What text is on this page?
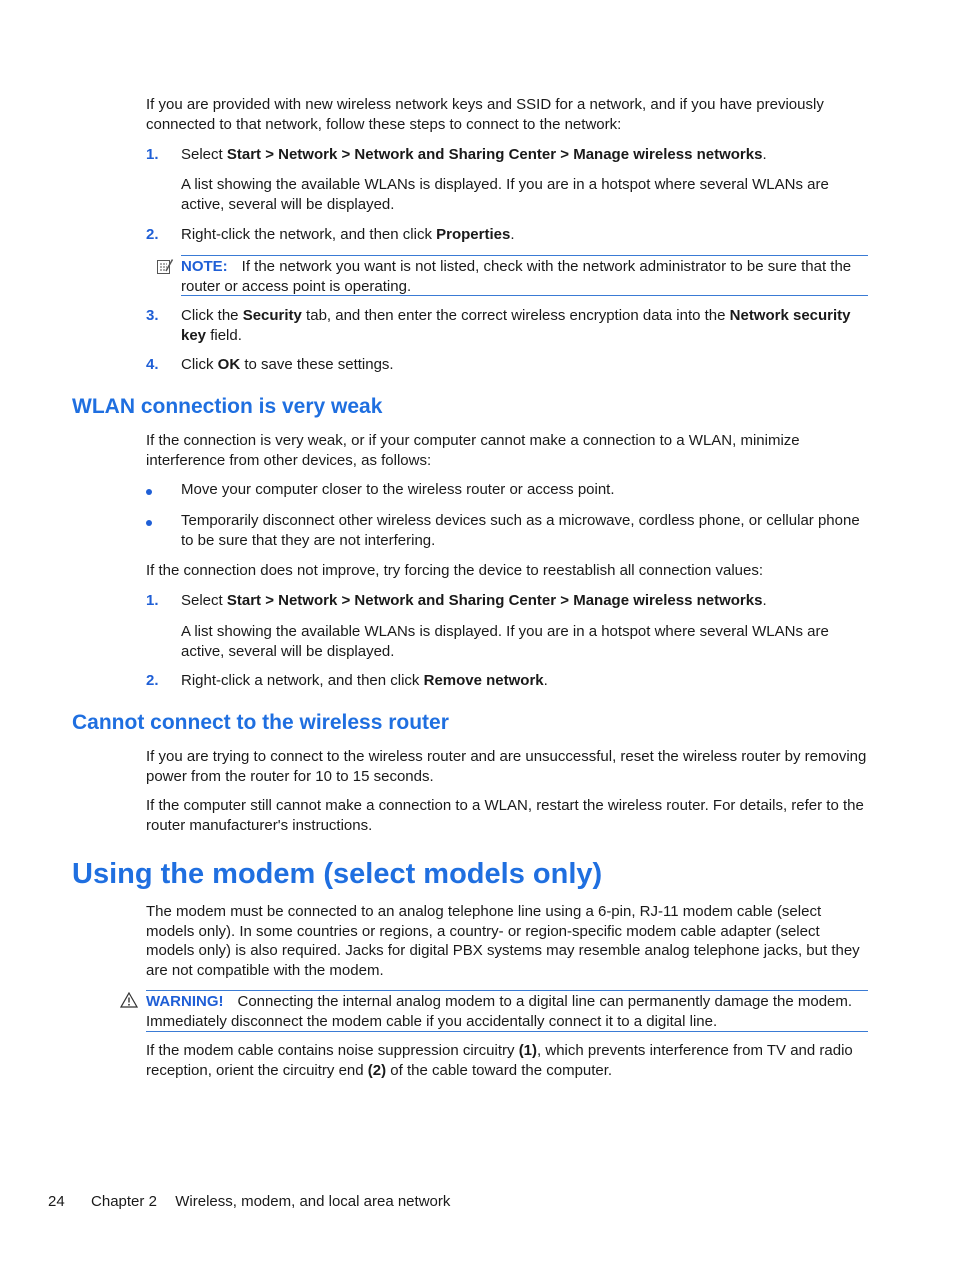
If you are provided with new wireless network keys and SSID for a network, and if you have previously connected to that network, follow these steps to connect to the network:

1. Select Start > Network > Network and Sharing Center > Manage wireless networks.

A list showing the available WLANs is displayed. If you are in a hotspot where several WLANs are active, several will be displayed.

2. Right-click the network, and then click Properties.

NOTE: If the network you want is not listed, check with the network administrator to be sure that the router or access point is operating.

3. Click the Security tab, and then enter the correct wireless encryption data into the Network security key field.

4. Click OK to save these settings.

WLAN connection is very weak

If the connection is very weak, or if your computer cannot make a connection to a WLAN, minimize interference from other devices, as follows:

Move your computer closer to the wireless router or access point.

Temporarily disconnect other wireless devices such as a microwave, cordless phone, or cellular phone to be sure that they are not interfering.

If the connection does not improve, try forcing the device to reestablish all connection values:

1. Select Start > Network > Network and Sharing Center > Manage wireless networks.

A list showing the available WLANs is displayed. If you are in a hotspot where several WLANs are active, several will be displayed.

2. Right-click a network, and then click Remove network.

Cannot connect to the wireless router

If you are trying to connect to the wireless router and are unsuccessful, reset the wireless router by removing power from the router for 10 to 15 seconds.

If the computer still cannot make a connection to a WLAN, restart the wireless router. For details, refer to the router manufacturer's instructions.

Using the modem (select models only)

The modem must be connected to an analog telephone line using a 6-pin, RJ-11 modem cable (select models only). In some countries or regions, a country- or region-specific modem cable adapter (select models only) is also required. Jacks for digital PBX systems may resemble analog telephone jacks, but they are not compatible with the modem.

WARNING! Connecting the internal analog modem to a digital line can permanently damage the modem. Immediately disconnect the modem cable if you accidentally connect it to a digital line.

If the modem cable contains noise suppression circuitry (1), which prevents interference from TV and radio reception, orient the circuitry end (2) of the cable toward the computer.

24 Chapter 2 Wireless, modem, and local area network
